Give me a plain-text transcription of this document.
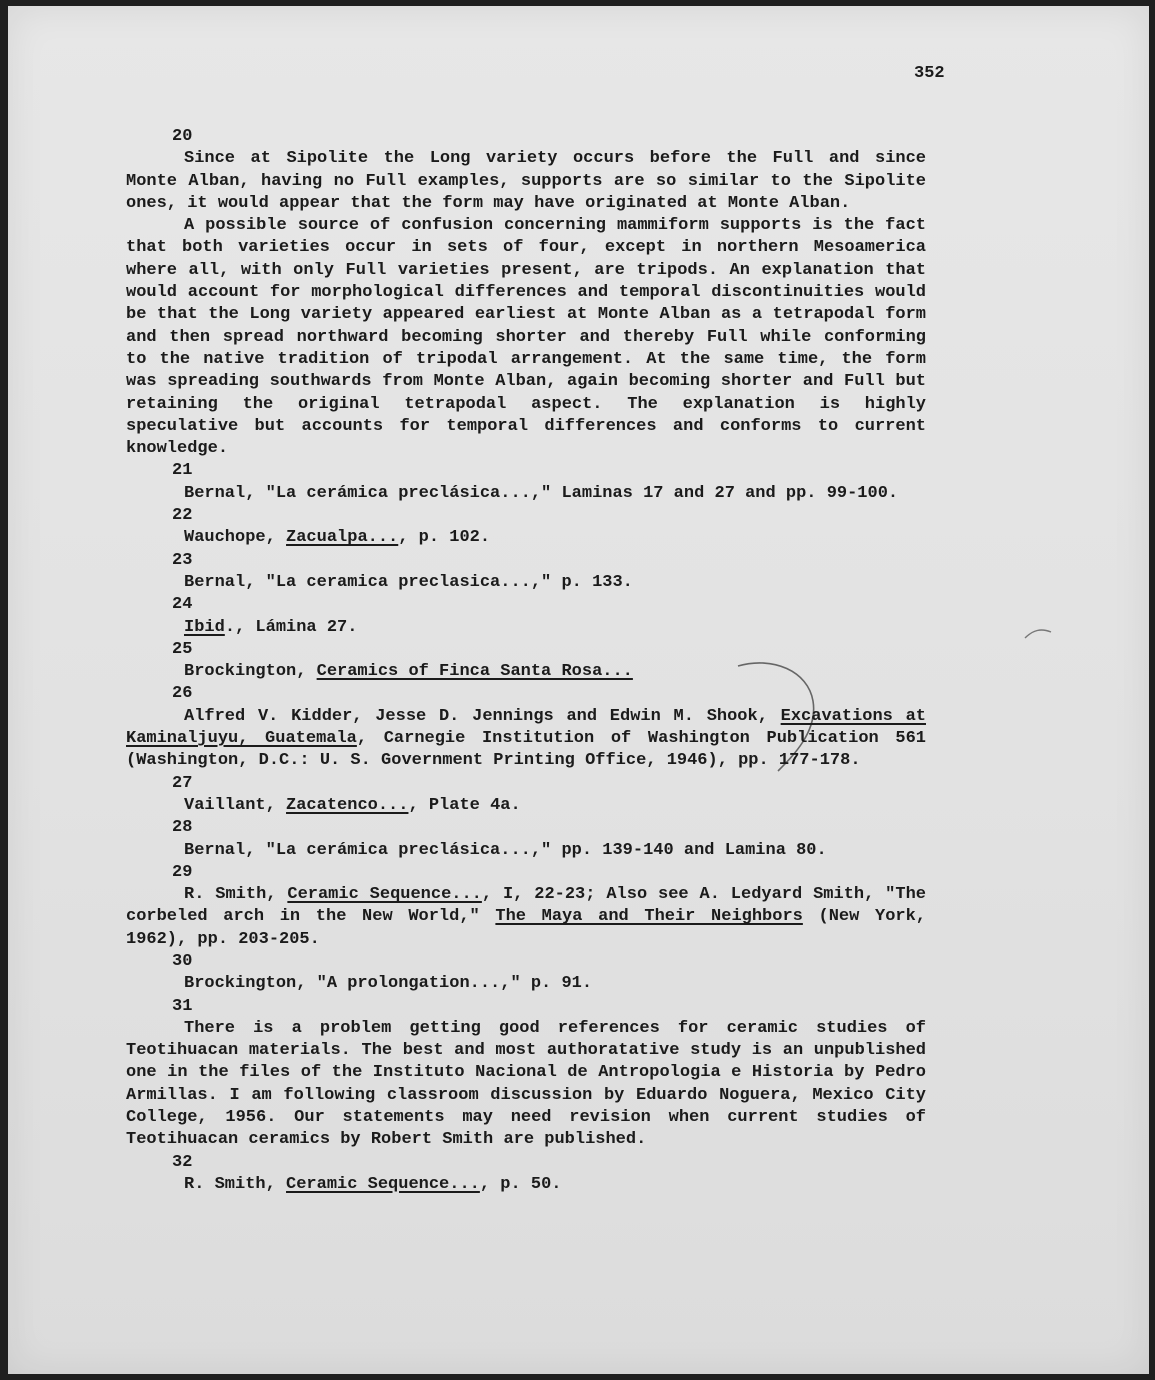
352

20

Since at Sipolite the Long variety occurs before the Full and since Monte Alban, having no Full examples, supports are so similar to the Sipolite ones, it would appear that the form may have originated at Monte Alban.

A possible source of confusion concerning mammiform supports is the fact that both varieties occur in sets of four, except in northern Mesoamerica where all, with only Full varieties present, are tripods. An explanation that would account for morphological differences and temporal discontinuities would be that the Long variety appeared earliest at Monte Alban as a tetrapodal form and then spread northward becoming shorter and thereby Full while conforming to the native tradition of tripodal arrangement. At the same time, the form was spreading southwards from Monte Alban, again becoming shorter and Full but retaining the original tetrapodal aspect. The explanation is highly speculative but accounts for temporal differences and conforms to current knowledge.

21

Bernal, "La cerámica preclásica...," Laminas 17 and 27 and pp. 99-100.

22

Wauchope, Zacualpa..., p. 102.

23

Bernal, "La ceramica preclasica...," p. 133.

24

Ibid., Lámina 27.

25

Brockington, Ceramics of Finca Santa Rosa...

26

Alfred V. Kidder, Jesse D. Jennings and Edwin M. Shook, Excavations at Kaminaljuyu, Guatemala, Carnegie Institution of Washington Publication 561 (Washington, D.C.: U. S. Government Printing Office, 1946), pp. 177-178.

27

Vaillant, Zacatenco..., Plate 4a.

28

Bernal, "La cerámica preclásica...," pp. 139-140 and Lamina 80.

29

R. Smith, Ceramic Sequence..., I, 22-23; Also see A. Ledyard Smith, "The corbeled arch in the New World," The Maya and Their Neighbors (New York, 1962), pp. 203-205.

30

Brockington, "A prolongation...," p. 91.

31

There is a problem getting good references for ceramic studies of Teotihuacan materials. The best and most authoratative study is an unpublished one in the files of the Instituto Nacional de Antropologia e Historia by Pedro Armillas. I am following classroom discussion by Eduardo Noguera, Mexico City College, 1956. Our statements may need revision when current studies of Teotihuacan ceramics by Robert Smith are published.

32

R. Smith, Ceramic Sequence..., p. 50.
